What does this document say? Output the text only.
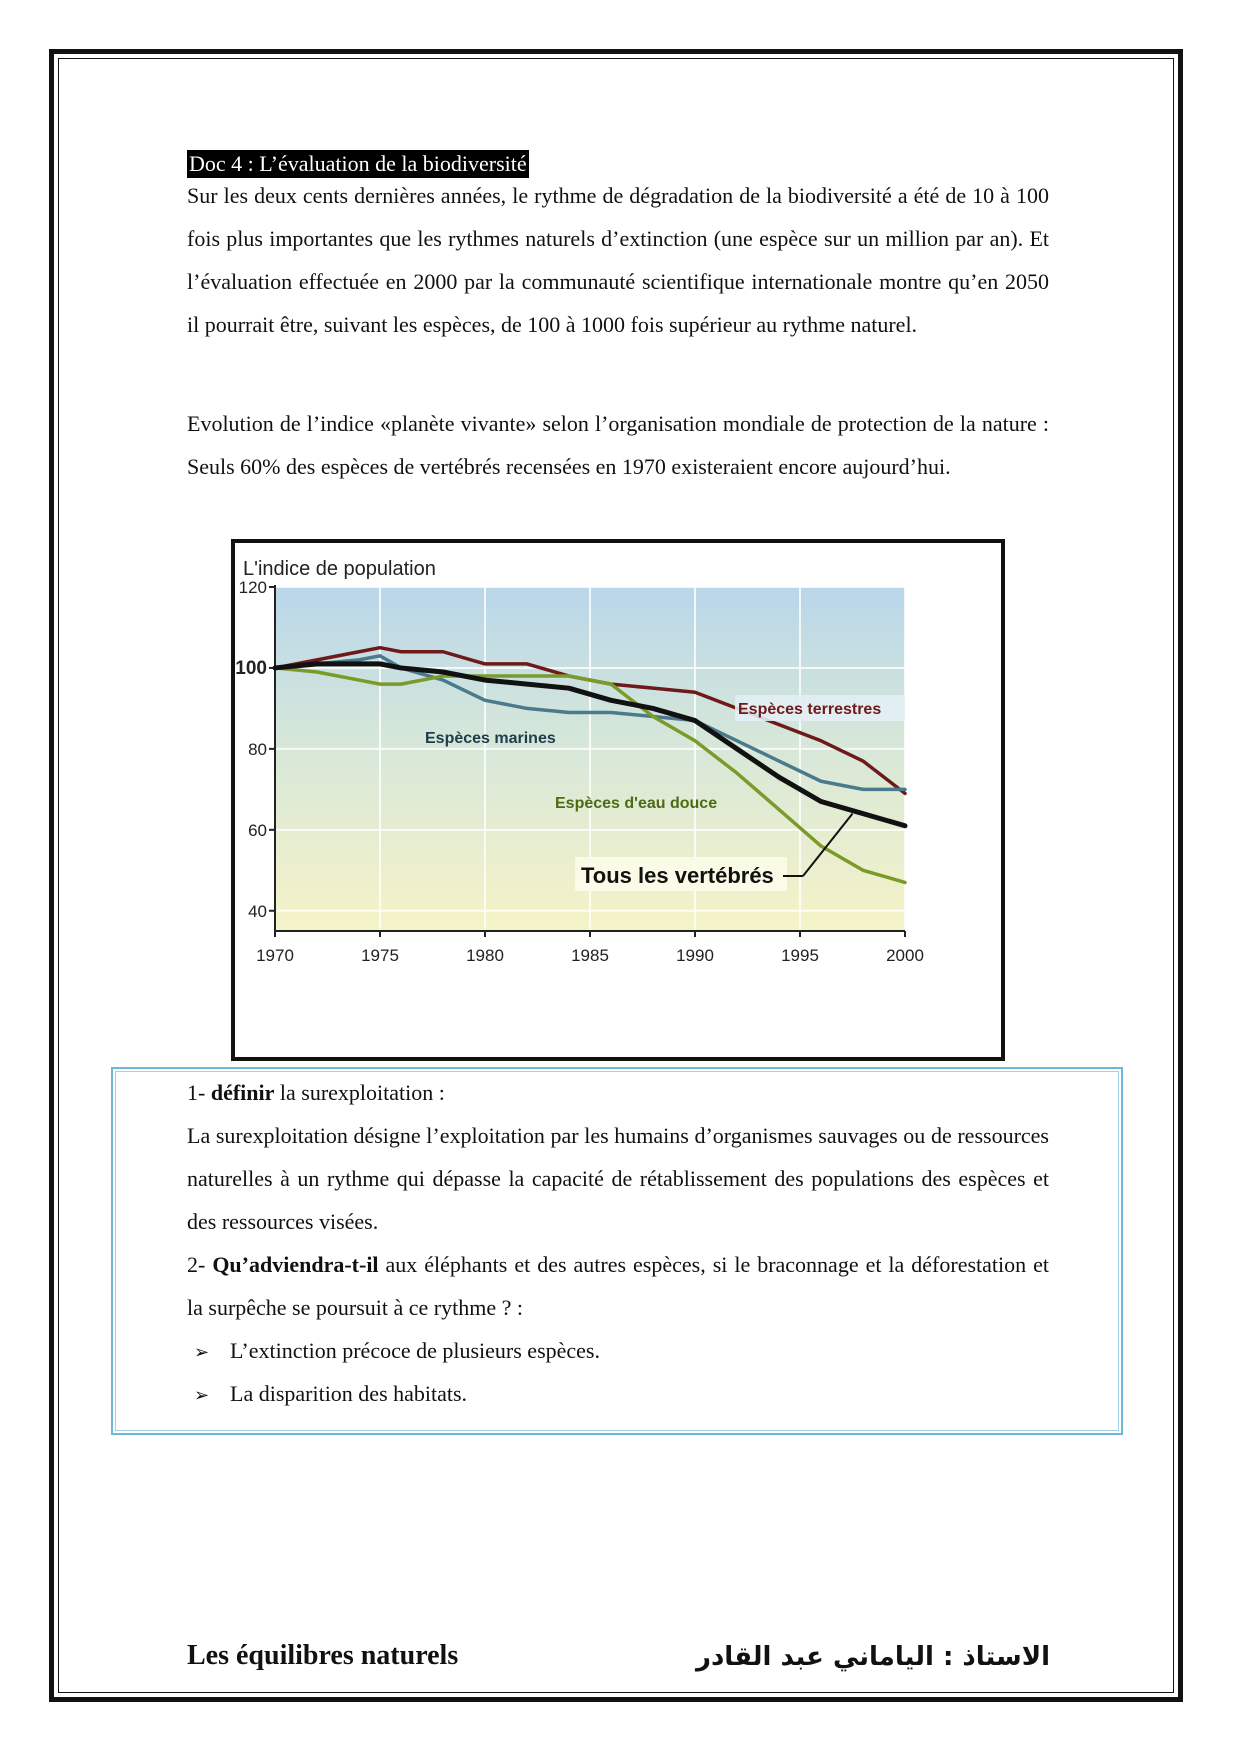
Doc 4 : L’évaluation de la biodiversité

Sur les deux cents dernières années, le rythme de dégradation de la biodiversité a été de 10 à 100 fois plus importantes que les rythmes naturels d’extinction (une espèce sur un million par an). Et l’évaluation effectuée en 2000 par la communauté scientifique internationale montre qu’en 2050 il pourrait être, suivant les espèces, de 100 à 1000 fois supérieur au rythme naturel.

Evolution de l’indice «planète vivante» selon l’organisation mondiale de protection de la nature : Seuls 60% des espèces de vertébrés recensées en 1970 existeraient encore aujourd’hui.

L'indice de population
120
100
80
60
40
1970	1975	1980	1985	1990	1995	2000
Espèces terrestres
Espèces marines
Espèces d'eau douce
Tous les vertébrés

1- définir la surexploitation :

La surexploitation désigne l’exploitation par les humains d’organismes sauvages ou de ressources naturelles à un rythme qui dépasse la capacité de rétablissement des populations des espèces et des ressources visées.

2- Qu’adviendra-t-il aux éléphants et des autres espèces, si le braconnage et la déforestation et la surpêche se poursuit à ce rythme ? :

➢ L’extinction précoce de plusieurs espèces.
➢ La disparition des habitats.
Les équilibres naturels	الاستاذ : الياماني عبد القادر
